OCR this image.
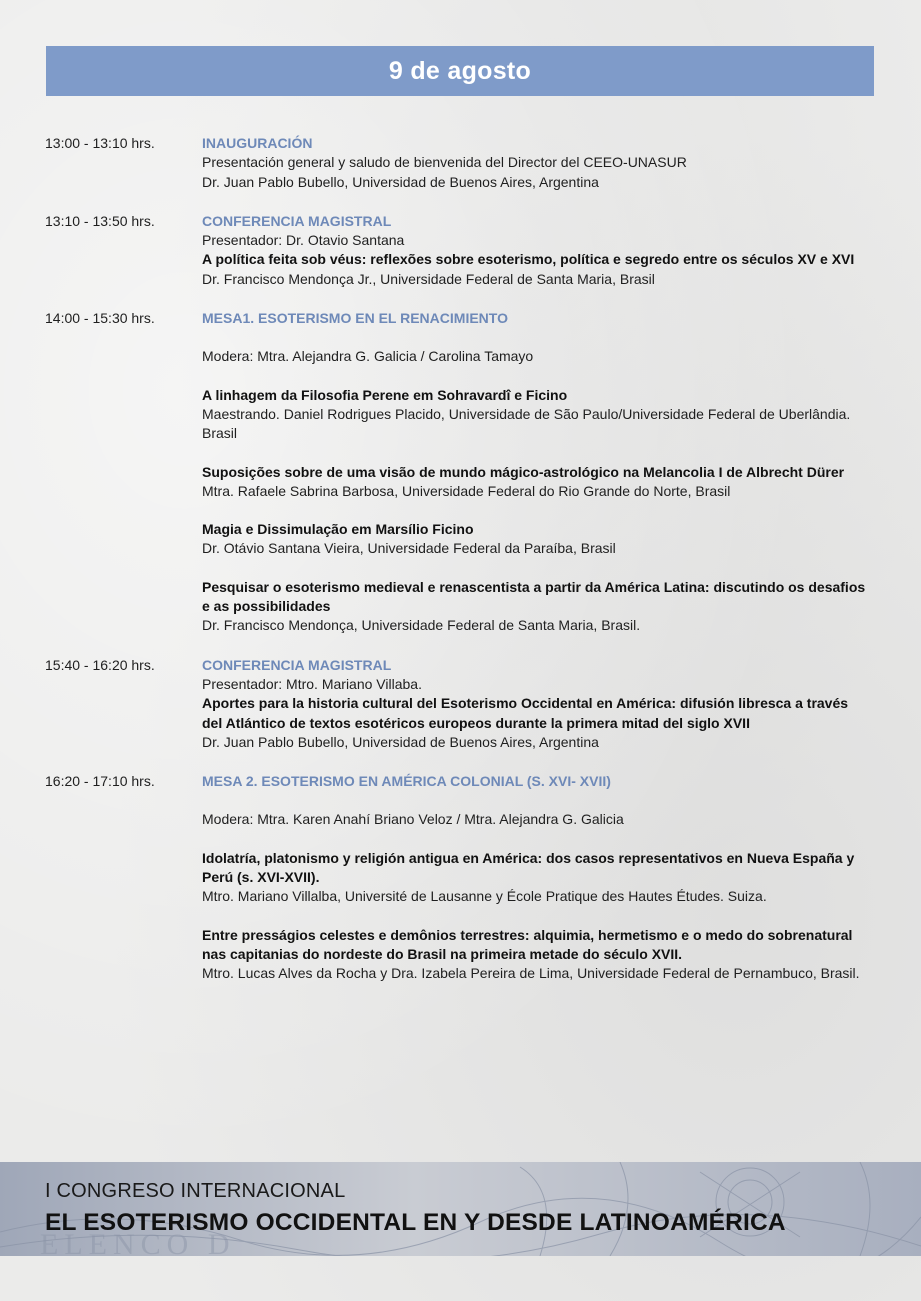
9 de agosto
13:00 - 13:10 hrs.	INAUGURACIÓN
Presentación general y saludo de bienvenida del Director del CEEO-UNASUR
Dr. Juan Pablo Bubello, Universidad de Buenos Aires, Argentina
13:10 - 13:50 hrs.	CONFERENCIA MAGISTRAL
Presentador: Dr. Otavio Santana
A política feita sob véus: reflexões sobre esoterismo, política e segredo entre os séculos XV e XVI
Dr. Francisco Mendonça Jr., Universidade Federal de Santa Maria, Brasil
14:00 - 15:30 hrs.	MESA1. ESOTERISMO EN EL RENACIMIENTO
Modera: Mtra. Alejandra G. Galicia / Carolina Tamayo
A linhagem da Filosofia Perene em Sohravardî e Ficino
Maestrando. Daniel Rodrigues Placido, Universidade de São Paulo/Universidade Federal de Uberlândia. Brasil
Suposições sobre de uma visão de mundo mágico-astrológico na Melancolia I de Albrecht Dürer
Mtra. Rafaele Sabrina Barbosa, Universidade Federal do Rio Grande do Norte, Brasil
Magia e Dissimulação em Marsílio Ficino
Dr. Otávio Santana Vieira, Universidade Federal da Paraíba, Brasil
Pesquisar o esoterismo medieval e renascentista a partir da América Latina: discutindo os desafios e as possibilidades
Dr. Francisco Mendonça, Universidade Federal de Santa Maria, Brasil.
15:40 - 16:20 hrs.	CONFERENCIA MAGISTRAL
Presentador: Mtro. Mariano Villaba.
Aportes para la historia cultural del Esoterismo Occidental en América: difusión libresca a través del Atlántico de textos esotéricos europeos durante la primera mitad del siglo XVII
Dr. Juan Pablo Bubello, Universidad de Buenos Aires, Argentina
16:20 - 17:10 hrs.	MESA 2. ESOTERISMO EN AMÉRICA COLONIAL (S. XVI- XVII)
Modera: Mtra. Karen Anahí Briano Veloz / Mtra. Alejandra G. Galicia
Idolatría, platonismo y religión antigua en América: dos casos representativos en Nueva España y Perú (s. XVI-XVII).
Mtro. Mariano Villalba, Université de Lausanne y École Pratique des Hautes Études. Suiza.
Entre presságios celestes e demônios terrestres: alquimia, hermetismo e o medo do sobrenatural nas capitanias do nordeste do Brasil na primeira metade do século XVII.
Mtro. Lucas Alves da Rocha y Dra. Izabela Pereira de Lima, Universidade Federal de Pernambuco, Brasil.
ELENCO D
I CONGRESO INTERNACIONAL
EL ESOTERISMO OCCIDENTAL EN Y DESDE LATINOAMÉRICA
